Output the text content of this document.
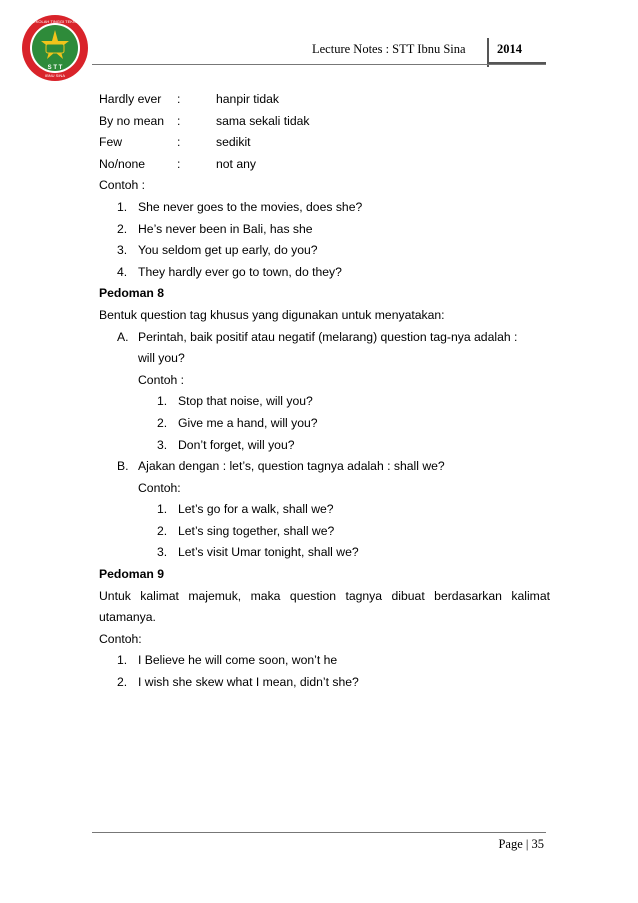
S T T
IBNU SINA
SEKOLAH TINGGI TEKNIK
Lecture Notes : STT Ibnu Sina	2014
Hardly ever :	hanpir tidak
By no mean :	sama sekali tidak
Few	:	sedikit
No/none	:	not any
Contoh :
1. She never goes to the movies, does she?
2. He’s never been in Bali, has she
3. You seldom get up early, do you?
4. They hardly ever go to town, do they?
Pedoman 8
Bentuk question tag khusus yang digunakan untuk menyatakan:
A. Perintah, baik positif atau negatif (melarang) question tag-nya adalah :
will you?
Contoh :
1. Stop that noise, will you?
2. Give me a hand, will you?
3. Don’t forget, will you?
B. Ajakan dengan : let’s, question tagnya adalah : shall we?
Contoh:
1. Let’s go for a walk, shall we?
2. Let’s sing together, shall we?
3. Let’s visit Umar tonight, shall we?
Pedoman 9
Untuk kalimat majemuk, maka question tagnya dibuat berdasarkan kalimat
utamanya.
Contoh:
1. I Believe he will come soon, won’t he
2. I wish she skew what I mean, didn’t she?
Page | 35
